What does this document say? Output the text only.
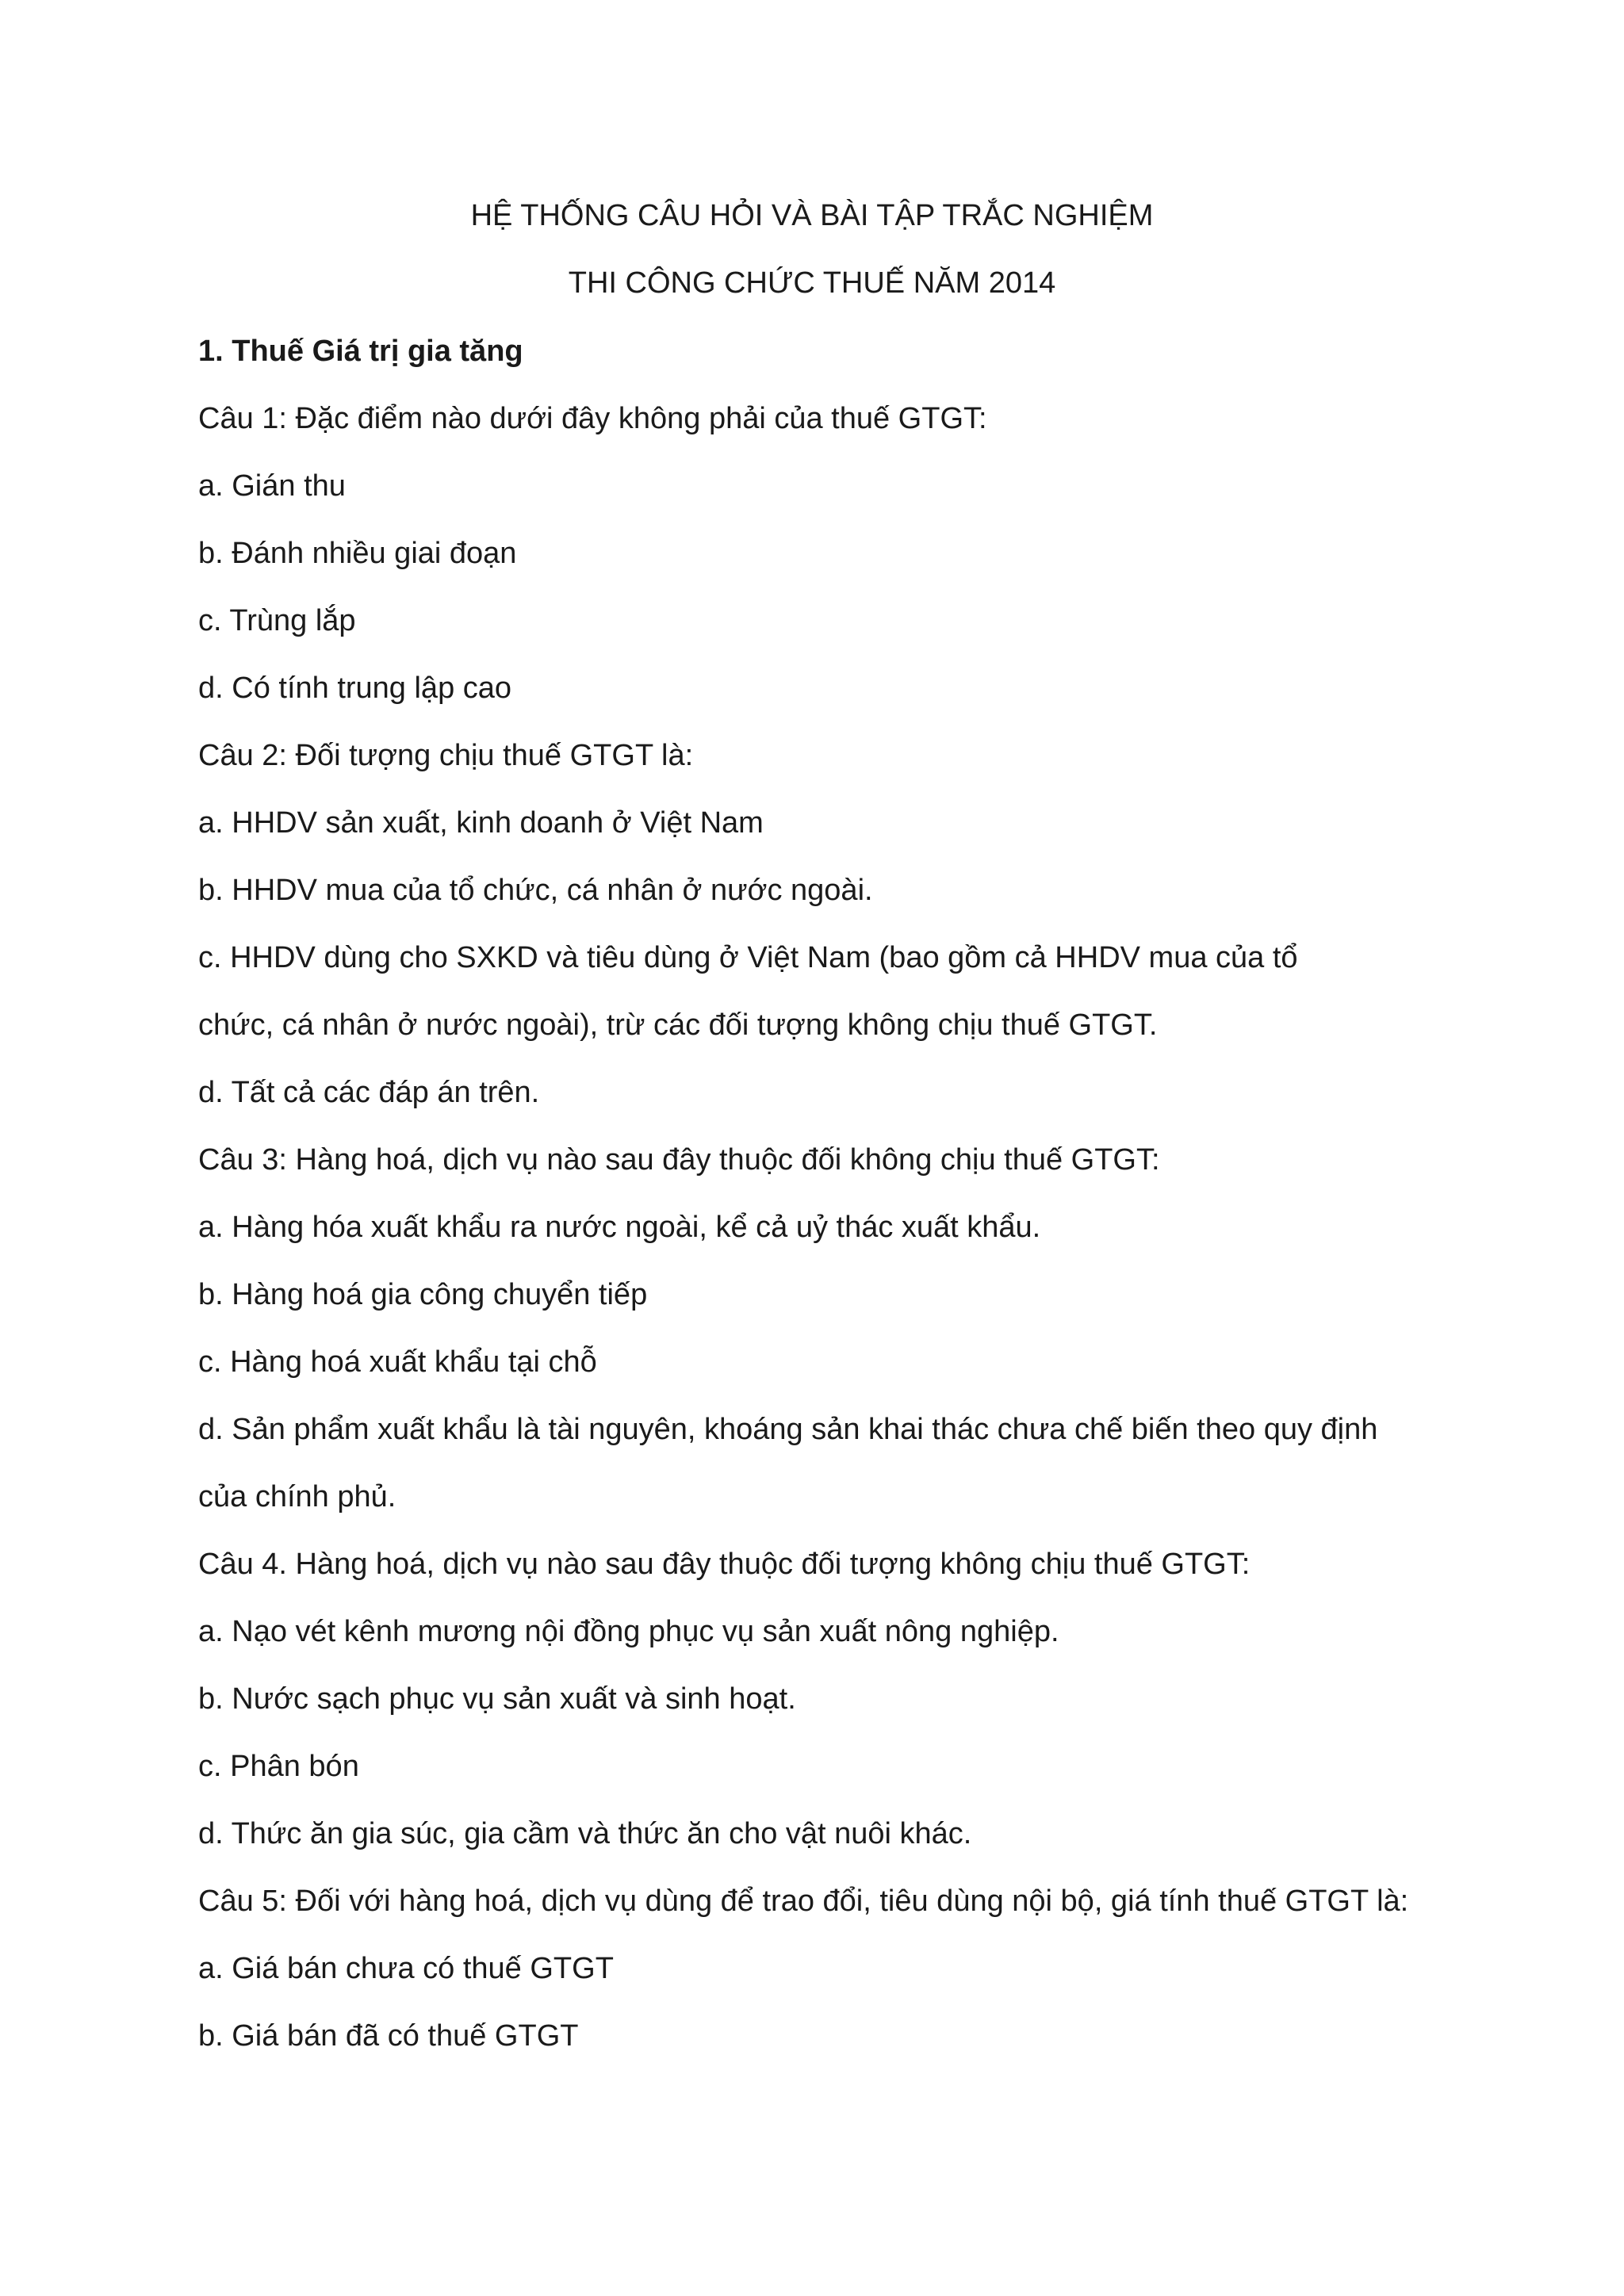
HỆ THỐNG CÂU HỎI VÀ BÀI TẬP TRẮC NGHIỆM
THI CÔNG CHỨC THUẾ NĂM 2014
1. Thuế Giá trị gia tăng
Câu 1: Đặc điểm nào dưới đây không phải của thuế GTGT:
a. Gián thu
b. Đánh nhiều giai đoạn
c. Trùng lắp
d. Có tính trung lập cao
Câu 2: Đối tượng chịu thuế GTGT là:
a. HHDV sản xuất, kinh doanh ở Việt Nam
b. HHDV mua của tổ chức, cá nhân ở nước ngoài.
c. HHDV dùng cho SXKD và tiêu dùng ở Việt Nam (bao gồm cả HHDV mua của tổ
chức, cá nhân ở nước ngoài), trừ các đối tượng không chịu thuế GTGT.
d. Tất cả các đáp án trên.
Câu 3: Hàng hoá, dịch vụ nào sau đây thuộc đối không chịu thuế GTGT:
a. Hàng hóa xuất khẩu ra nước ngoài, kể cả uỷ thác xuất khẩu.
b. Hàng hoá gia công chuyển tiếp
c. Hàng hoá xuất khẩu tại chỗ
d. Sản phẩm xuất khẩu là tài nguyên, khoáng sản khai thác chưa chế biến theo quy định
của chính phủ.
Câu 4. Hàng hoá, dịch vụ nào sau đây thuộc đối tượng không chịu thuế GTGT:
a. Nạo vét kênh mương nội đồng phục vụ sản xuất nông nghiệp.
b. Nước sạch phục vụ sản xuất và sinh hoạt.
c. Phân bón
d. Thức ăn gia súc, gia cầm và thức ăn cho vật nuôi khác.
Câu 5: Đối với hàng hoá, dịch vụ dùng để trao đổi, tiêu dùng nội bộ, giá tính thuế GTGT là:
a. Giá bán chưa có thuế GTGT
b. Giá bán đã có thuế GTGT
